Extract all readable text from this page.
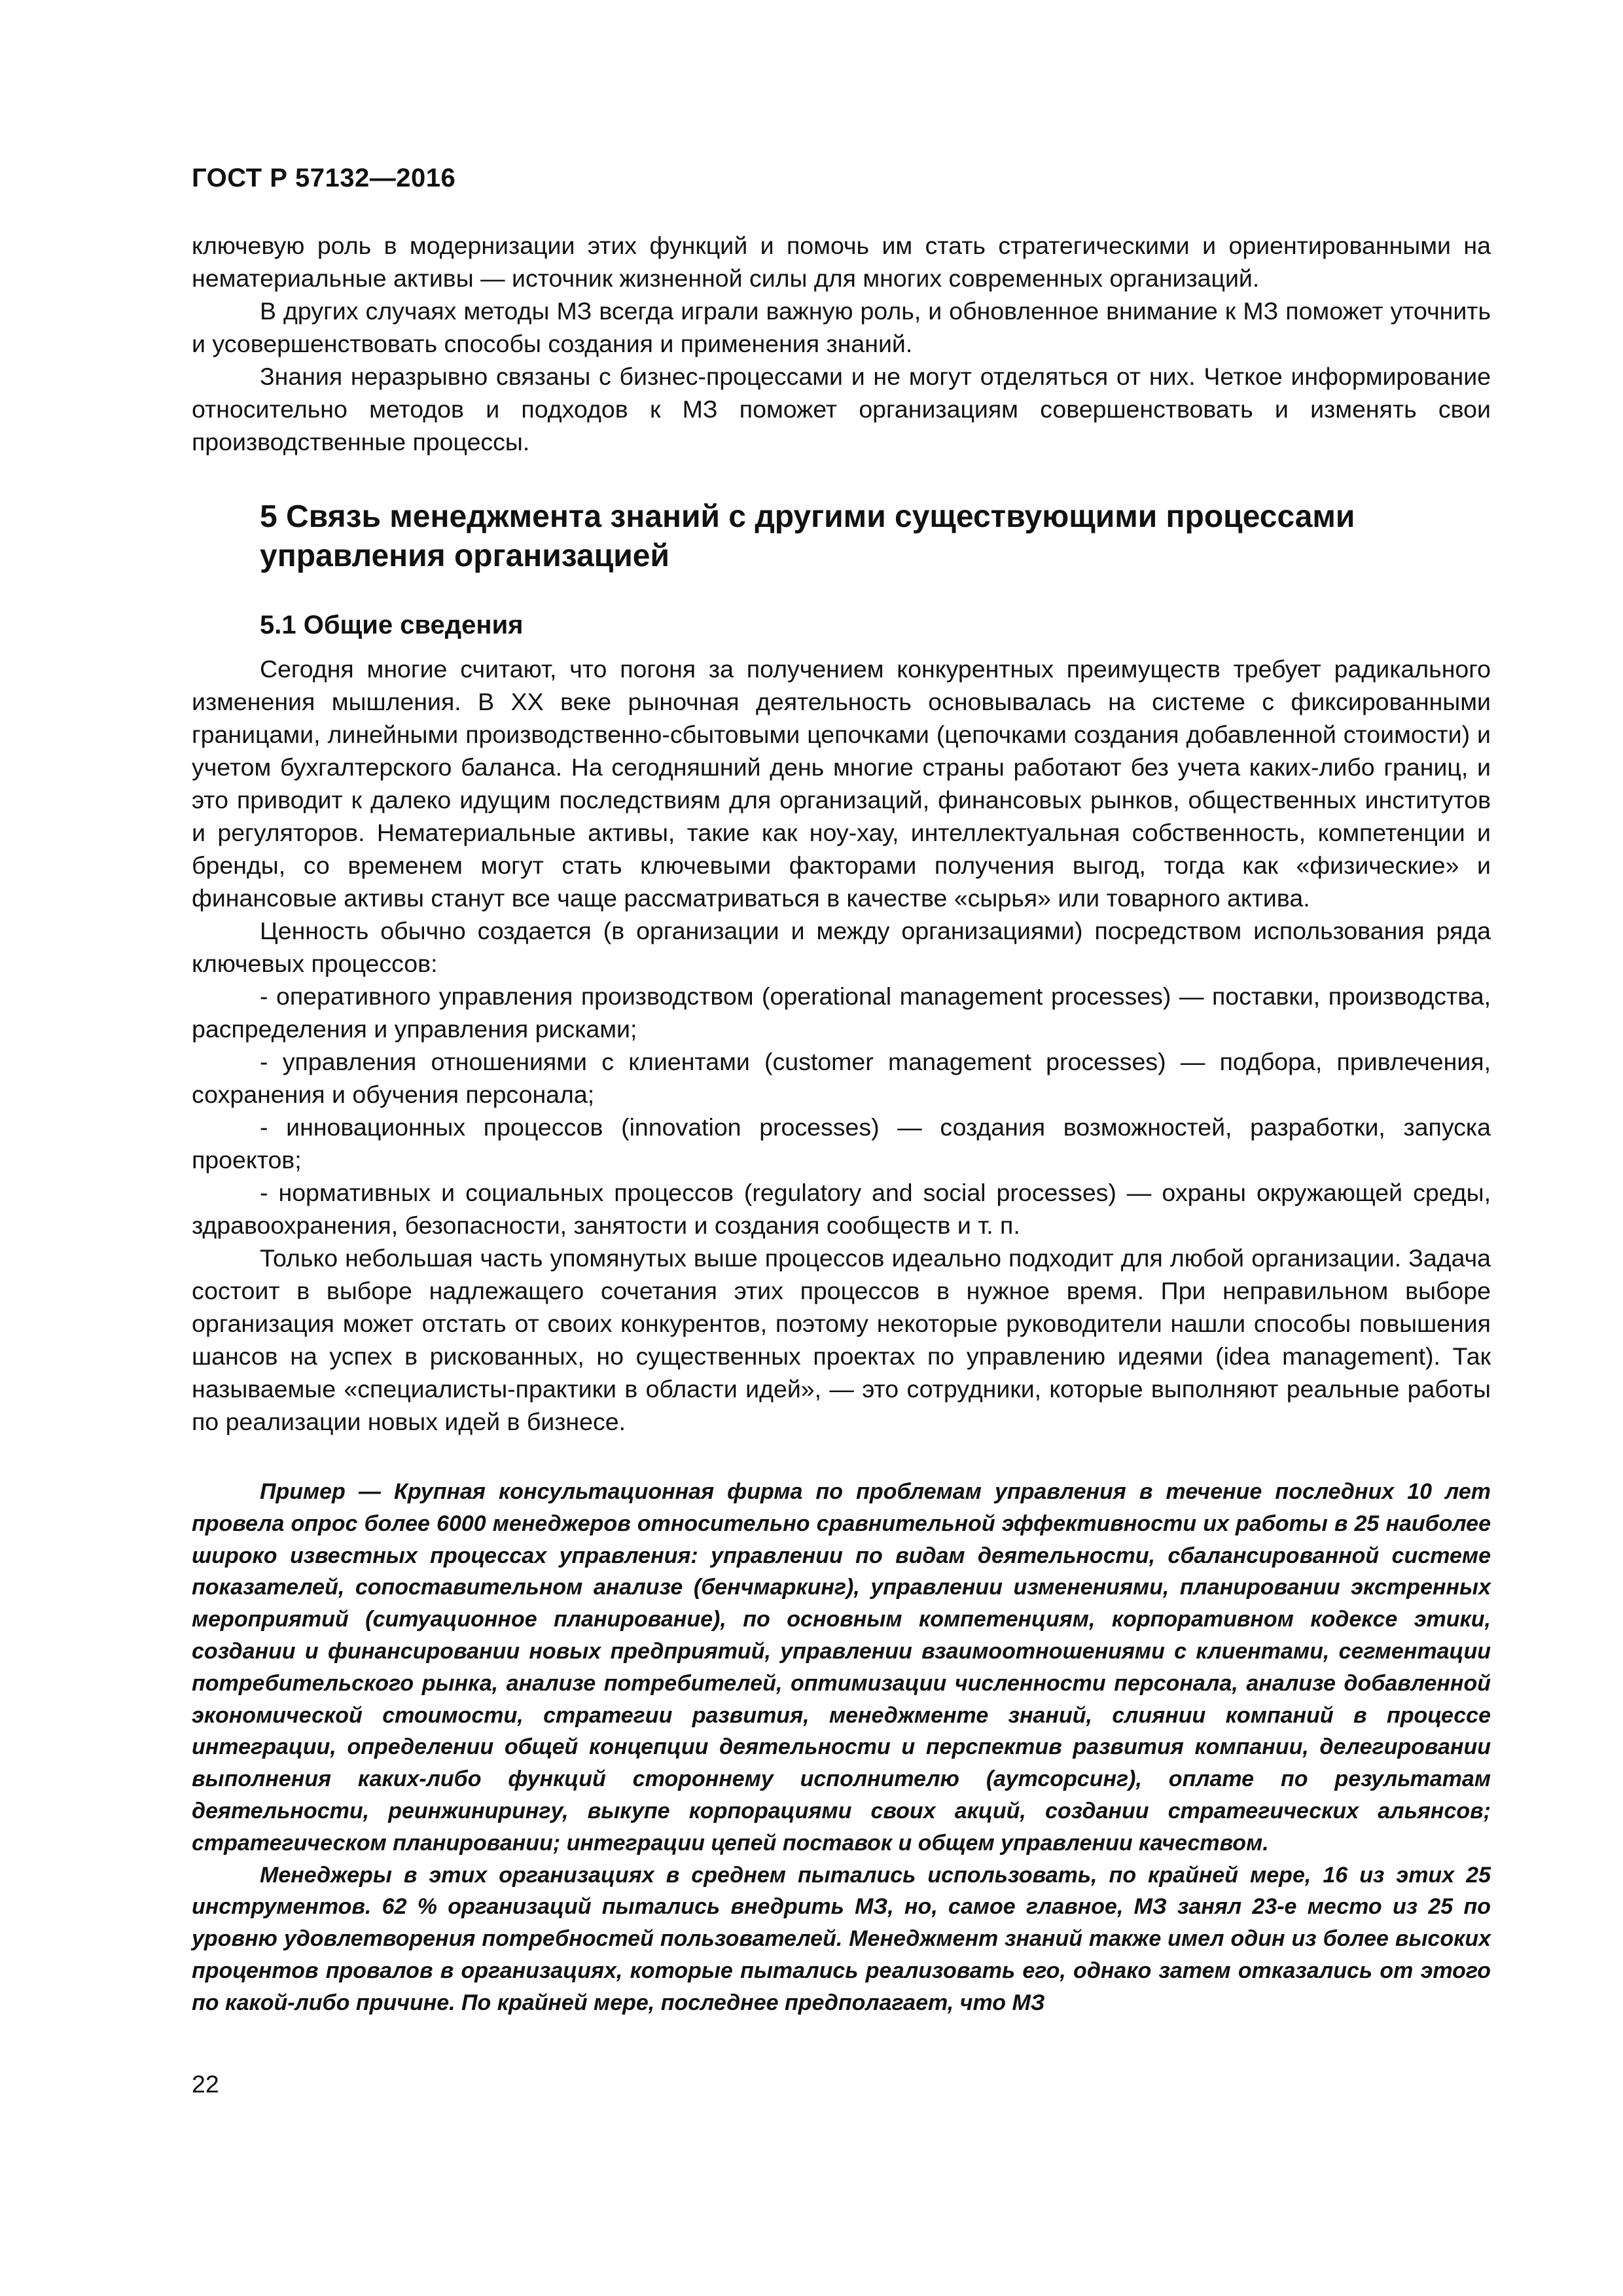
ГОСТ Р 57132—2016

ключевую роль в модернизации этих функций и помочь им стать стратегическими и ориентированными на нематериальные активы — источник жизненной силы для многих современных организаций.

В других случаях методы МЗ всегда играли важную роль, и обновленное внимание к МЗ поможет уточнить и усовершенствовать способы создания и применения знаний.

Знания неразрывно связаны с бизнес-процессами и не могут отделяться от них. Четкое информирование относительно методов и подходов к МЗ поможет организациям совершенствовать и изменять свои производственные процессы.

5 Связь менеджмента знаний с другими существующими процессами управления организацией
5.1 Общие сведения

Сегодня многие считают, что погоня за получением конкурентных преимуществ требует радикального изменения мышления. В XX веке рыночная деятельность основывалась на системе с фиксированными границами, линейными производственно-сбытовыми цепочками (цепочками создания добавленной стоимости) и учетом бухгалтерского баланса. На сегодняшний день многие страны работают без учета каких-либо границ, и это приводит к далеко идущим последствиям для организаций, финансовых рынков, общественных институтов и регуляторов. Нематериальные активы, такие как ноу-хау, интеллектуальная собственность, компетенции и бренды, со временем могут стать ключевыми факторами получения выгод, тогда как «физические» и финансовые активы станут все чаще рассматриваться в качестве «сырья» или товарного актива.

Ценность обычно создается (в организации и между организациями) посредством использования ряда ключевых процессов:

- оперативного управления производством (operational management processes) — поставки, производства, распределения и управления рисками;

- управления отношениями с клиентами (customer management processes) — подбора, привлечения, сохранения и обучения персонала;

- инновационных процессов (innovation processes) — создания возможностей, разработки, запуска проектов;

- нормативных и социальных процессов (regulatory and social processes) — охраны окружающей среды, здравоохранения, безопасности, занятости и создания сообществ и т. п.

Только небольшая часть упомянутых выше процессов идеально подходит для любой организации. Задача состоит в выборе надлежащего сочетания этих процессов в нужное время. При неправильном выборе организация может отстать от своих конкурентов, поэтому некоторые руководители нашли способы повышения шансов на успех в рискованных, но существенных проектах по управлению идеями (idea management). Так называемые «специалисты-практики в области идей», — это сотрудники, которые выполняют реальные работы по реализации новых идей в бизнесе.

Пример — Крупная консультационная фирма по проблемам управления в течение последних 10 лет провела опрос более 6000 менеджеров относительно сравнительной эффективности их работы в 25 наиболее широко известных процессах управления: управлении по видам деятельности, сбалансированной системе показателей, сопоставительном анализе (бенчмаркинг), управлении изменениями, планировании экстренных мероприятий (ситуационное планирование), по основным компетенциям, корпоративном кодексе этики, создании и финансировании новых предприятий, управлении взаимоотношениями с клиентами, сегментации потребительского рынка, анализе потребителей, оптимизации численности персонала, анализе добавленной экономической стоимости, стратегии развития, менеджменте знаний, слиянии компаний в процессе интеграции, определении общей концепции деятельности и перспектив развития компании, делегировании выполнения каких-либо функций стороннему исполнителю (аутсорсинг), оплате по результатам деятельности, реинжинирингу, выкупе корпорациями своих акций, создании стратегических альянсов; стратегическом планировании; интеграции цепей поставок и общем управлении качеством.

Менеджеры в этих организациях в среднем пытались использовать, по крайней мере, 16 из этих 25 инструментов. 62 % организаций пытались внедрить МЗ, но, самое главное, МЗ занял 23-е место из 25 по уровню удовлетворения потребностей пользователей. Менеджмент знаний также имел один из более высоких процентов провалов в организациях, которые пытались реализовать его, однако затем отказались от этого по какой-либо причине. По крайней мере, последнее предполагает, что МЗ

22
